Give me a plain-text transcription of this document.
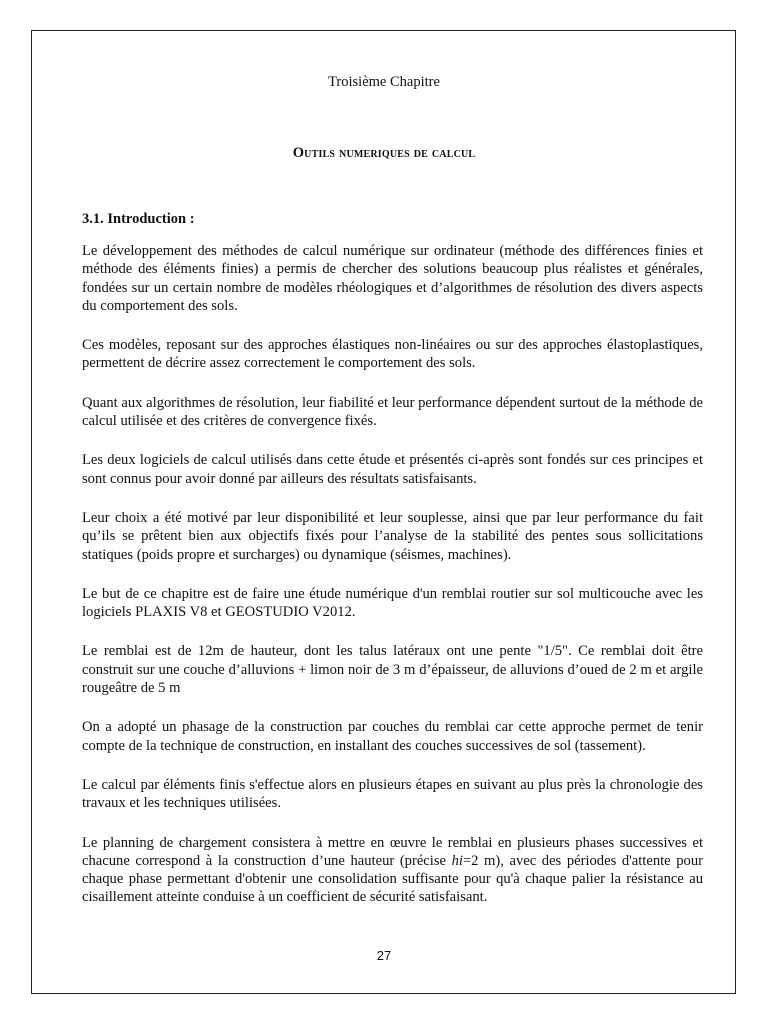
Troisième Chapitre
Outils numeriques de calcul
3.1. Introduction :

Le développement des méthodes de calcul numérique sur ordinateur (méthode des différences finies et méthode des éléments finies) a permis de chercher des solutions beaucoup plus réalistes et générales, fondées sur un certain nombre de modèles rhéologiques et d’algorithmes de résolution des divers aspects du comportement des sols.

Ces modèles, reposant sur des approches élastiques non-linéaires ou sur des approches élastoplastiques, permettent de décrire assez correctement le comportement des sols.

Quant aux algorithmes de résolution, leur fiabilité et leur performance dépendent surtout de la méthode de calcul utilisée et des critères de convergence fixés.

Les deux logiciels de calcul utilisés dans cette étude et présentés ci-après sont fondés sur ces principes et sont connus pour avoir donné par ailleurs des résultats satisfaisants.

Leur choix a été motivé par leur disponibilité et leur souplesse, ainsi que par leur performance du fait qu’ils se prêtent bien aux objectifs fixés pour l’analyse de la stabilité des pentes sous sollicitations statiques (poids propre et surcharges) ou dynamique (séismes, machines).

Le but de ce chapitre est de faire une étude numérique d'un remblai routier sur sol multicouche avec les logiciels PLAXIS V8 et GEOSTUDIO V2012.

Le remblai est de 12m de hauteur, dont les talus latéraux ont une pente "1/5". Ce remblai doit être construit sur une couche d’alluvions + limon noir de 3 m d’épaisseur, de alluvions d’oued de 2 m et argile rougeâtre de 5 m

On a adopté un phasage de la construction par couches du remblai car cette approche permet de tenir compte de la technique de construction, en installant des couches successives de sol (tassement).

Le calcul par éléments finis s'effectue alors en plusieurs étapes en suivant au plus près la chronologie des travaux et les techniques utilisées.

Le planning de chargement consistera à mettre en œuvre le remblai en plusieurs phases successives et chacune correspond à la construction d’une hauteur (précise hi=2 m), avec des périodes d'attente pour chaque phase permettant d'obtenir une consolidation suffisante pour qu'à chaque palier la résistance au cisaillement atteinte conduise à un coefficient de sécurité satisfaisant.

27
